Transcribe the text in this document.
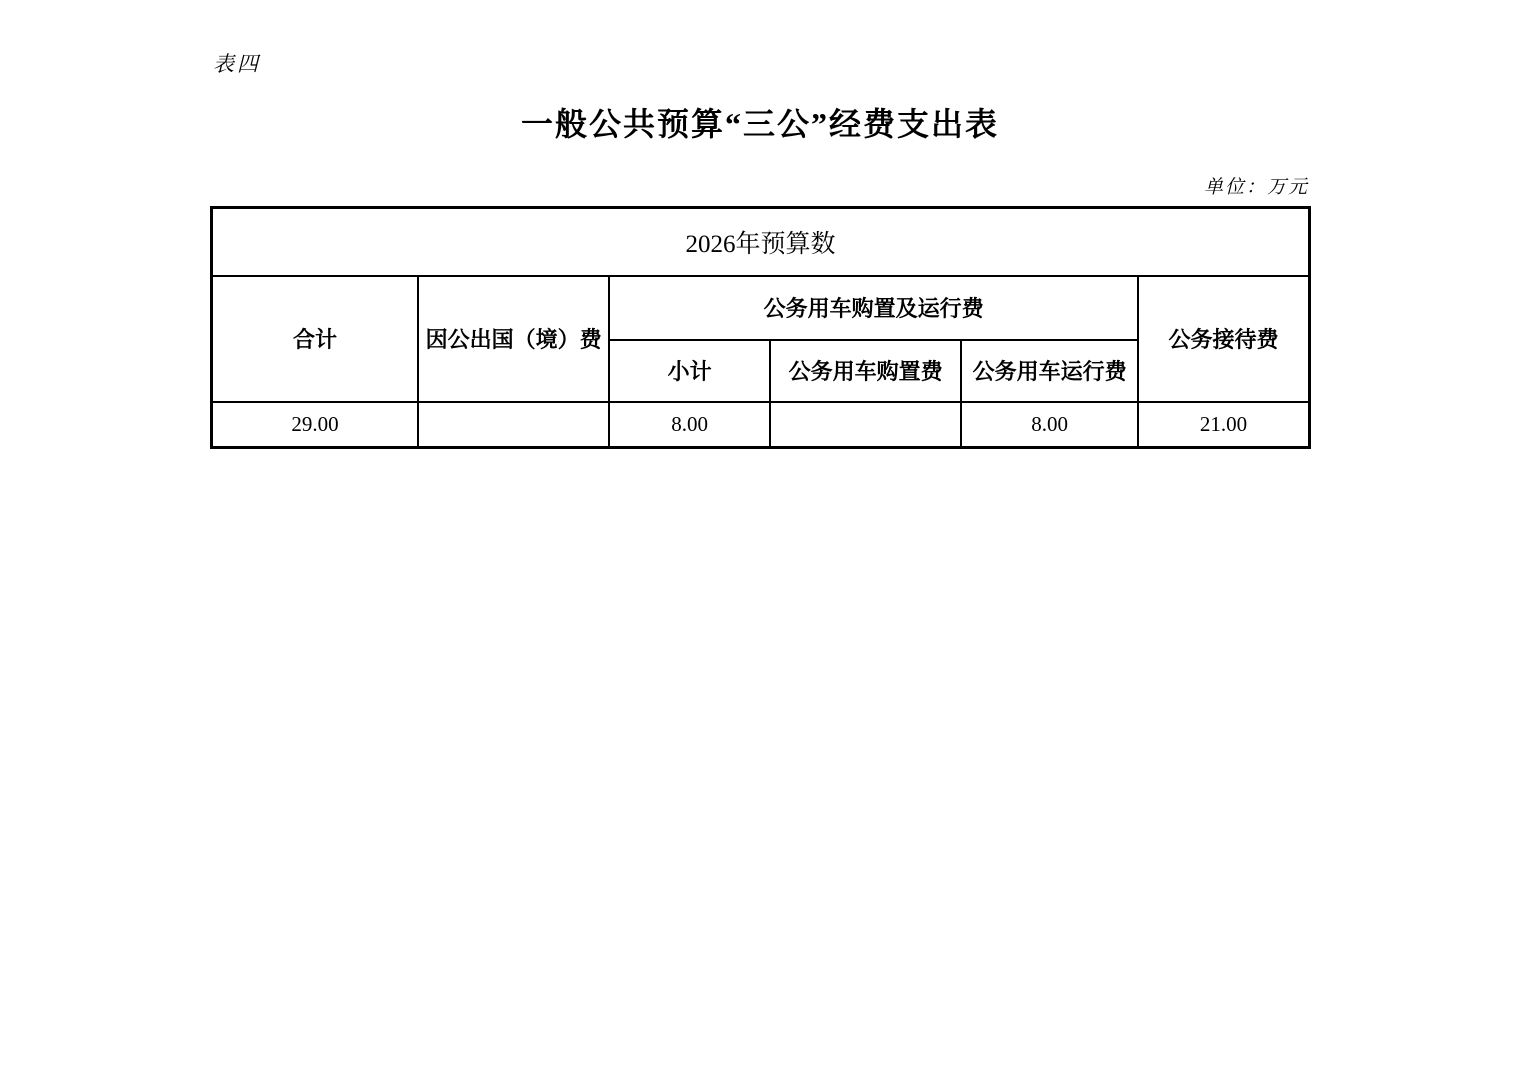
表四
一般公共预算“三公”经费支出表
单位：万元
2026年预算数					
合计	因公出国（境）费	公务用车购置及运行费			公务接待费
		小计	公务用车购置费	公务用车运行费	
29.00		8.00		8.00	21.00
